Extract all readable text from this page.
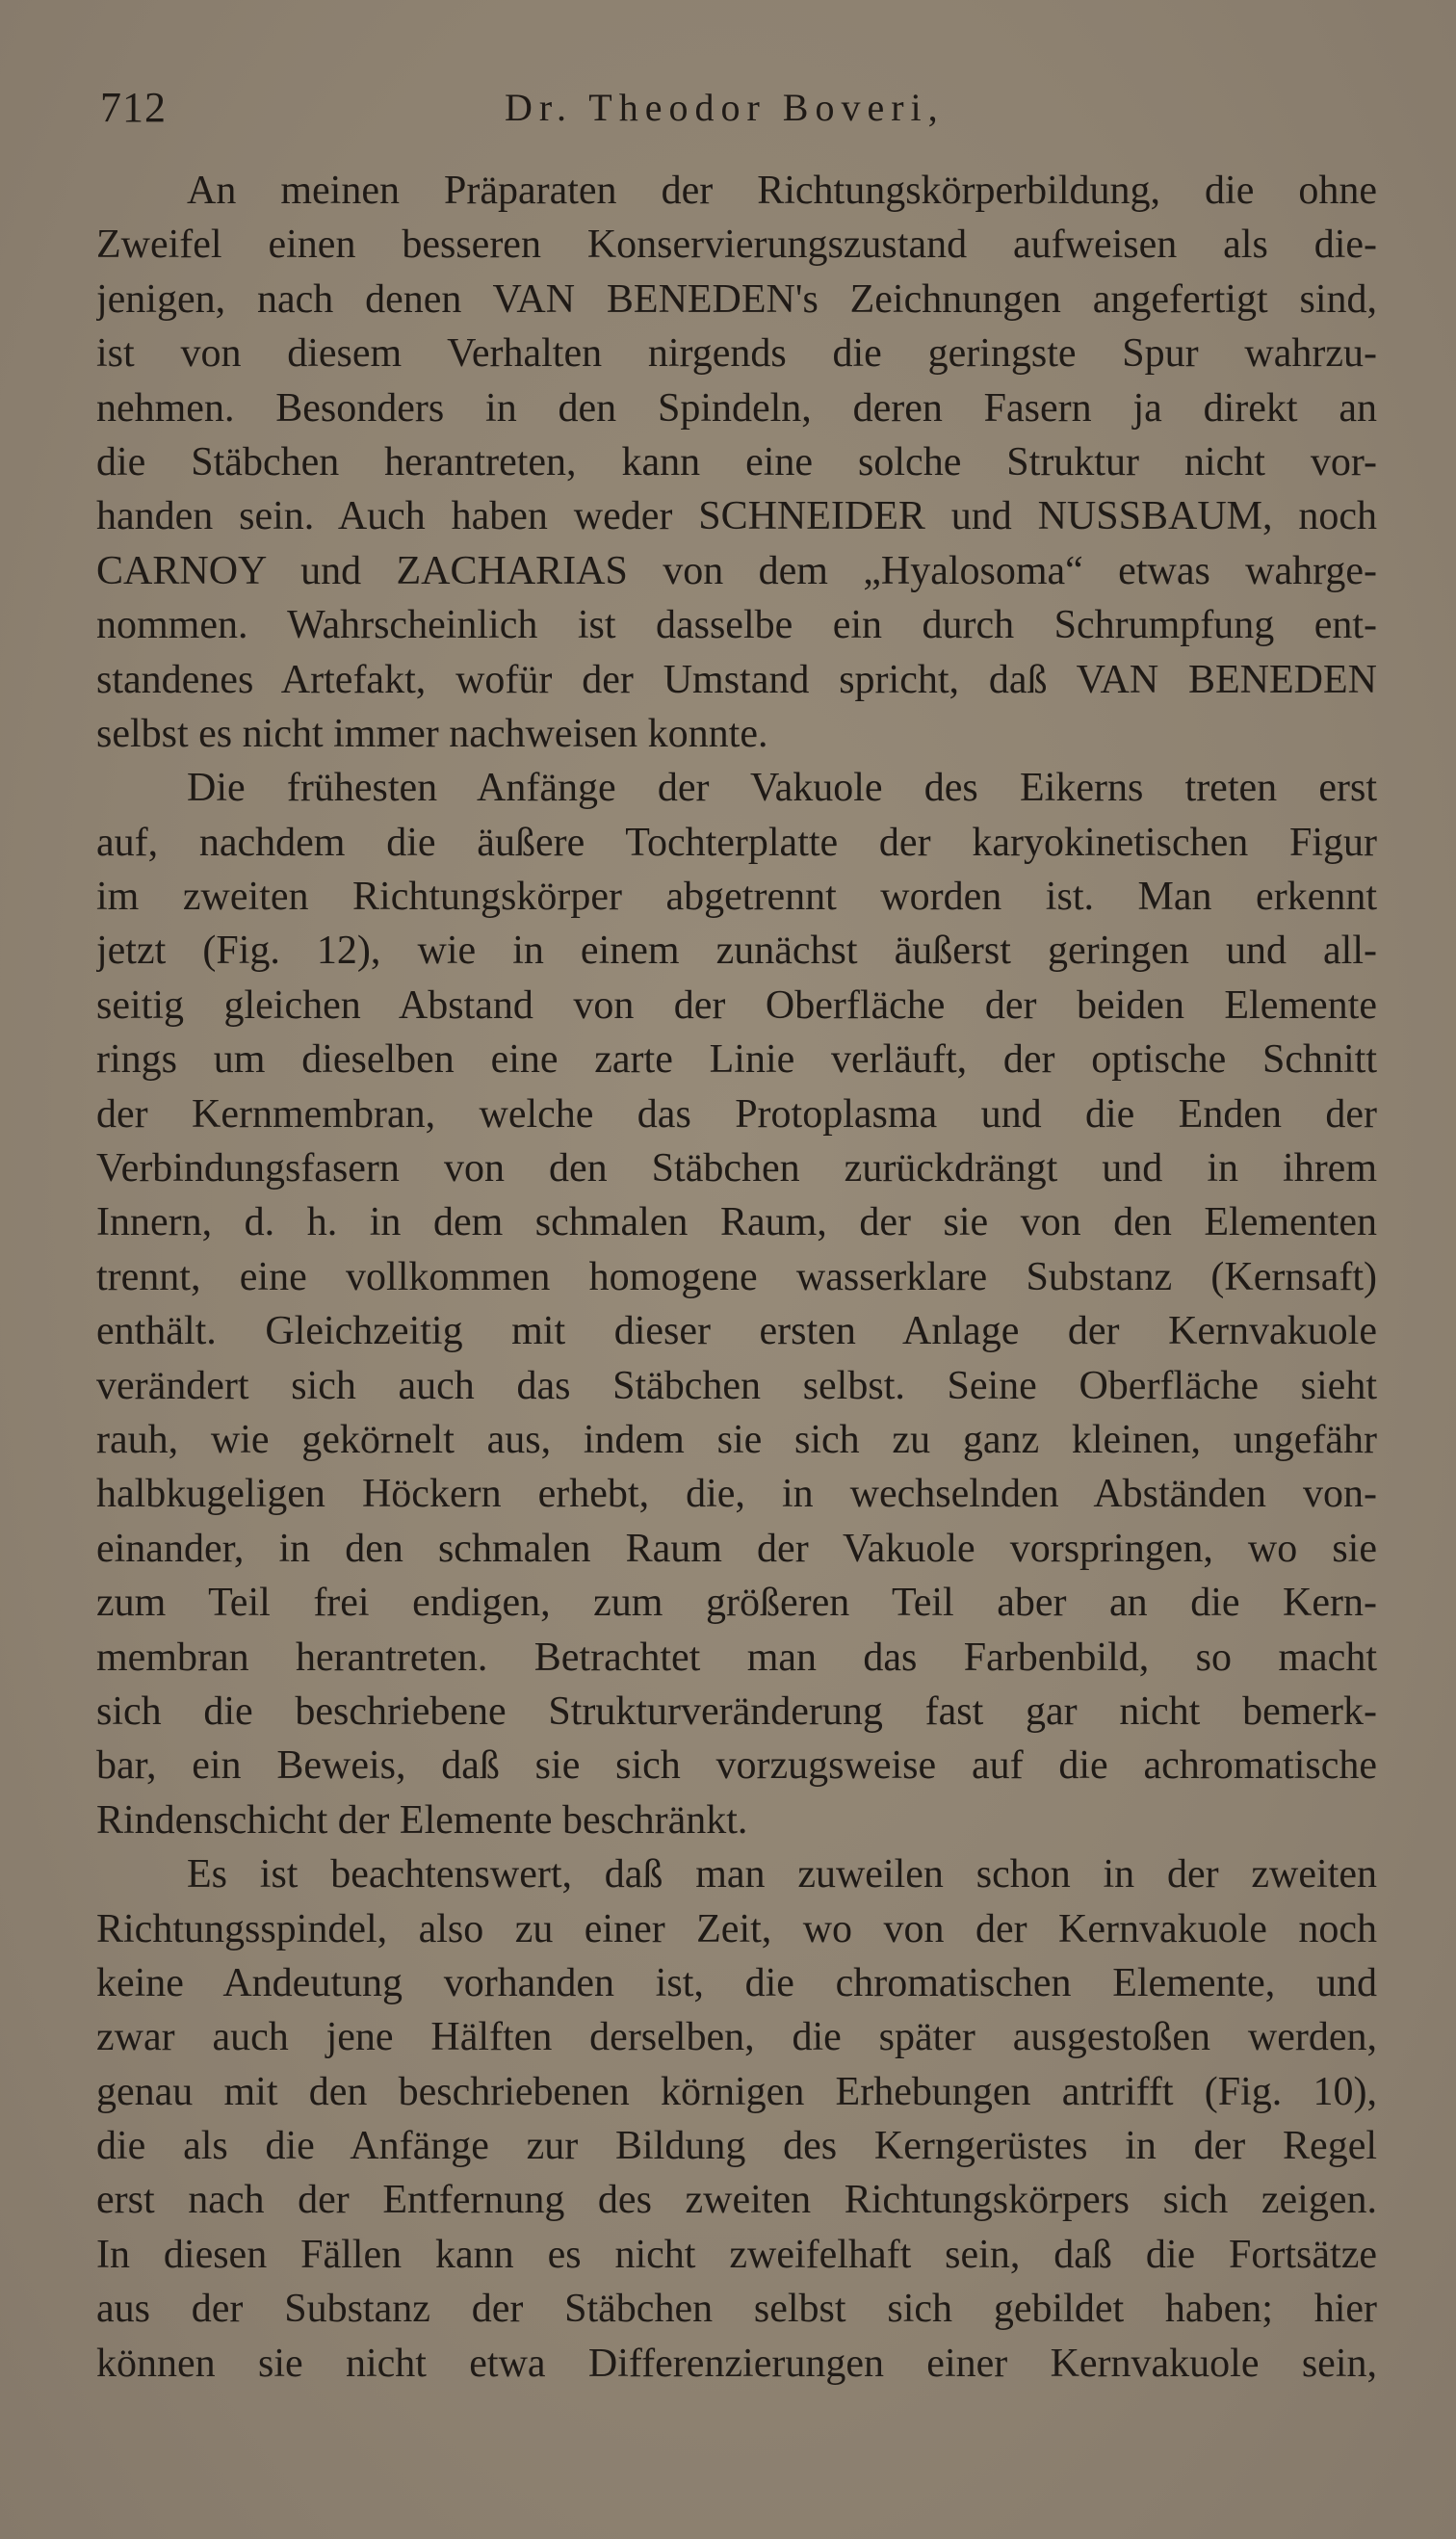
712	Dr. Theodor Boveri,
An meinen Präparaten der Richtungskörperbildung, die ohne
Zweifel einen besseren Konservierungszustand aufweisen als die-
jenigen, nach denen VAN BENEDEN's Zeichnungen angefertigt sind,
ist von diesem Verhalten nirgends die geringste Spur wahrzu-
nehmen. Besonders in den Spindeln, deren Fasern ja direkt an
die Stäbchen herantreten, kann eine solche Struktur nicht vor-
handen sein. Auch haben weder SCHNEIDER und NUSSBAUM, noch
CARNOY und ZACHARIAS von dem „Hyalosoma“ etwas wahrge-
nommen. Wahrscheinlich ist dasselbe ein durch Schrumpfung ent-
standenes Artefakt, wofür der Umstand spricht, daß VAN BENEDEN
selbst es nicht immer nachweisen konnte.
Die frühesten Anfänge der Vakuole des Eikerns treten erst
auf, nachdem die äußere Tochterplatte der karyokinetischen Figur
im zweiten Richtungskörper abgetrennt worden ist. Man erkennt
jetzt (Fig. 12), wie in einem zunächst äußerst geringen und all-
seitig gleichen Abstand von der Oberfläche der beiden Elemente
rings um dieselben eine zarte Linie verläuft, der optische Schnitt
der Kernmembran, welche das Protoplasma und die Enden der
Verbindungsfasern von den Stäbchen zurückdrängt und in ihrem
Innern, d. h. in dem schmalen Raum, der sie von den Elementen
trennt, eine vollkommen homogene wasserklare Substanz (Kernsaft)
enthält. Gleichzeitig mit dieser ersten Anlage der Kernvakuole
verändert sich auch das Stäbchen selbst. Seine Oberfläche sieht
rauh, wie gekörnelt aus, indem sie sich zu ganz kleinen, ungefähr
halbkugeligen Höckern erhebt, die, in wechselnden Abständen von-
einander, in den schmalen Raum der Vakuole vorspringen, wo sie
zum Teil frei endigen, zum größeren Teil aber an die Kern-
membran herantreten. Betrachtet man das Farbenbild, so macht
sich die beschriebene Strukturveränderung fast gar nicht bemerk-
bar, ein Beweis, daß sie sich vorzugsweise auf die achromatische
Rindenschicht der Elemente beschränkt.
Es ist beachtenswert, daß man zuweilen schon in der zweiten
Richtungsspindel, also zu einer Zeit, wo von der Kernvakuole noch
keine Andeutung vorhanden ist, die chromatischen Elemente, und
zwar auch jene Hälften derselben, die später ausgestoßen werden,
genau mit den beschriebenen körnigen Erhebungen antrifft (Fig. 10),
die als die Anfänge zur Bildung des Kerngerüstes in der Regel
erst nach der Entfernung des zweiten Richtungskörpers sich zeigen.
In diesen Fällen kann es nicht zweifelhaft sein, daß die Fortsätze
aus der Substanz der Stäbchen selbst sich gebildet haben; hier
können sie nicht etwa Differenzierungen einer Kernvakuole sein,
